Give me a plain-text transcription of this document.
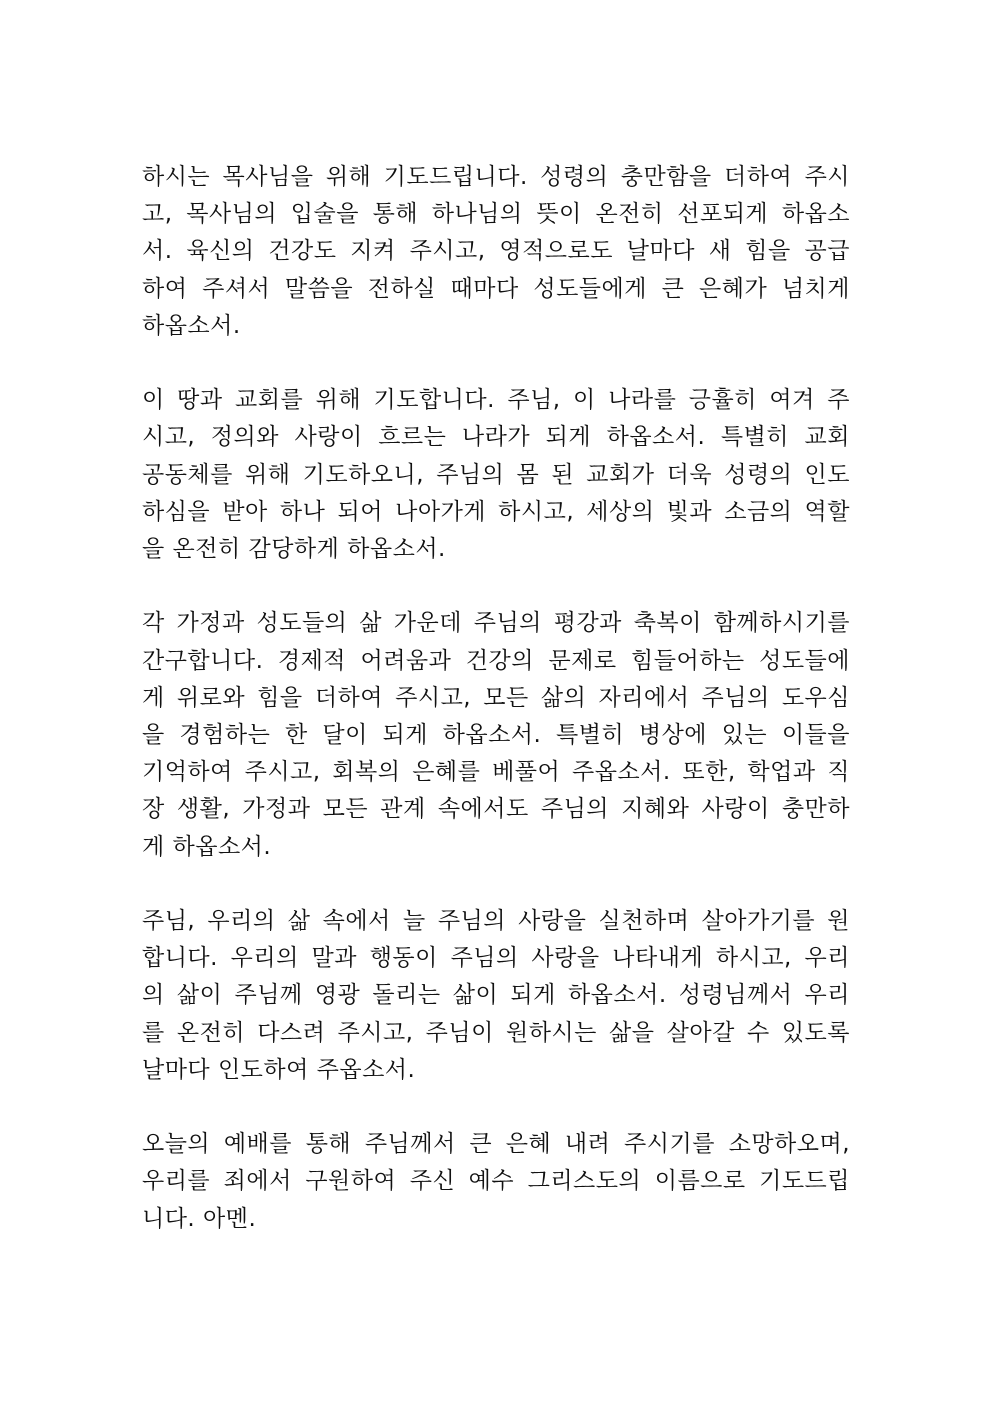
하시는 목사님을 위해 기도드립니다. 성령의 충만함을 더하여 주시
고, 목사님의 입술을 통해 하나님의 뜻이 온전히 선포되게 하옵소
서. 육신의 건강도 지켜 주시고, 영적으로도 날마다 새 힘을 공급
하여 주셔서 말씀을 전하실 때마다 성도들에게 큰 은혜가 넘치게
하옵소서.

이 땅과 교회를 위해 기도합니다. 주님, 이 나라를 긍휼히 여겨 주
시고, 정의와 사랑이 흐르는 나라가 되게 하옵소서. 특별히 교회
공동체를 위해 기도하오니, 주님의 몸 된 교회가 더욱 성령의 인도
하심을 받아 하나 되어 나아가게 하시고, 세상의 빛과 소금의 역할
을 온전히 감당하게 하옵소서.

각 가정과 성도들의 삶 가운데 주님의 평강과 축복이 함께하시기를
간구합니다. 경제적 어려움과 건강의 문제로 힘들어하는 성도들에
게 위로와 힘을 더하여 주시고, 모든 삶의 자리에서 주님의 도우심
을 경험하는 한 달이 되게 하옵소서. 특별히 병상에 있는 이들을
기억하여 주시고, 회복의 은혜를 베풀어 주옵소서. 또한, 학업과 직
장 생활, 가정과 모든 관계 속에서도 주님의 지혜와 사랑이 충만하
게 하옵소서.

주님, 우리의 삶 속에서 늘 주님의 사랑을 실천하며 살아가기를 원
합니다. 우리의 말과 행동이 주님의 사랑을 나타내게 하시고, 우리
의 삶이 주님께 영광 돌리는 삶이 되게 하옵소서. 성령님께서 우리
를 온전히 다스려 주시고, 주님이 원하시는 삶을 살아갈 수 있도록
날마다 인도하여 주옵소서.

오늘의 예배를 통해 주님께서 큰 은혜 내려 주시기를 소망하오며,
우리를 죄에서 구원하여 주신 예수 그리스도의 이름으로 기도드립
니다. 아멘.
